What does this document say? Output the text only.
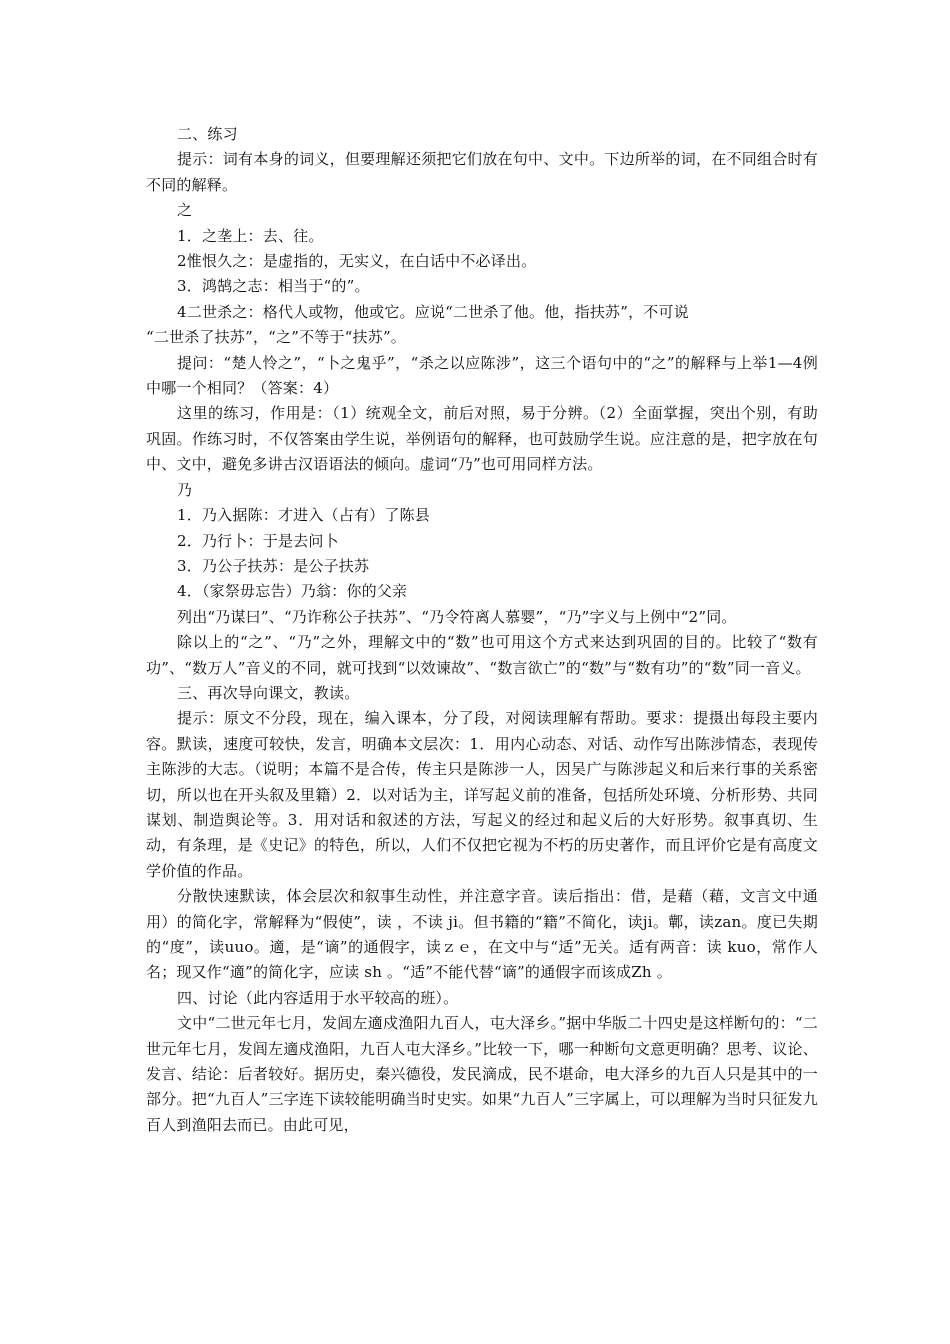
二、练习

提示：词有本身的词义，但要理解还须把它们放在句中、文中。下边所举的词，在不同组合时有不同的解释。

之

1．之垄上：去、往。

2惟恨久之：是虚指的，无实义，在白话中不必译出。

3．鸿鹄之志：相当于“的”。

4二世杀之：格代人或物，他或它。应说“二世杀了他。他，指扶苏”，不可说

“二世杀了扶苏”，“之”不等于“扶苏”。

提问：“楚人怜之”，“卜之鬼乎”，“杀之以应陈涉”，这三个语句中的“之”的解释与上举1—4例中哪一个相同？（答案：4）

这里的练习，作用是：（1）统观全文，前后对照，易于分辨。（2）全面掌握，突出个别，有助巩固。作练习时，不仅答案由学生说，举例语句的解释，也可鼓励学生说。应注意的是，把字放在句中、文中，避免多讲古汉语语法的倾向。虚词“乃”也可用同样方法。

乃

1．乃入据陈：才进入（占有）了陈县

2．乃行卜：于是去问卜

3．乃公子扶苏：是公子扶苏

4．（家祭毋忘告）乃翁：你的父亲

列出“乃谋曰”、“乃诈称公子扶苏”、“乃令符离人慕婴”，“乃”字义与上例中“2”同。

除以上的“之”、“乃”之外，理解文中的“数”也可用这个方式来达到巩固的目的。比较了“数有功”、“数万人”音义的不同，就可找到“以效谏故”、“数言欲亡”的“数”与“数有功”的“数”同一音义。

三、再次导向课文，教读。

提示：原文不分段，现在，编入课本，分了段，对阅读理解有帮助。要求：提摄出每段主要内容。默读，速度可较快，发言，明确本文层次：1．用内心动态、对话、动作写出陈涉情态，表现传主陈涉的大志。（说明；本篇不是合传，传主只是陈涉一人，因吴广与陈涉起义和后来行事的关系密切，所以也在开头叙及里籍）2．以对话为主，详写起义前的准备，包括所处环境、分析形势、共同谋划、制造舆论等。3．用对话和叙述的方法，写起义的经过和起义后的大好形势。叙事真切、生动，有条理，是《史记》的特色，所以，人们不仅把它视为不朽的历史著作，而且评价它是有高度文学价值的作品。

分散快速默读，体会层次和叙事生动性，并注意字音。读后指出：借，是藉（藉，文言文中通用）的简化字，常解释为“假使”，读 ，不读 ji。但书籍的“籍”不简化，读ji。鄿，读zan。度已失期的“度”，读uuo。適，是“谪”的通假字，读ｚｅ，在文中与“适”无关。适有两音：读 kuo，常作人名；现又作“適”的简化字，应读 sh 。“适”不能代替“谪”的通假字而该成Zh 。

四、讨论（此内容适用于水平较高的班）。

文中“二世元年七月，发闾左適戍渔阳九百人，屯大泽乡。”据中华版二十四史是这样断句的：“二世元年七月，发闾左適戍渔阳，九百人屯大泽乡。”比较一下，哪一种断句文意更明确？思考、议论、发言、结论：后者较好。据历史，秦兴德役，发民滴成，民不堪命，电大泽乡的九百人只是其中的一部分。把“九百人”三字连下读较能明确当时史实。如果“九百人”三字属上，可以理解为当时只征发九百人到渔阳去而已。由此可见，
